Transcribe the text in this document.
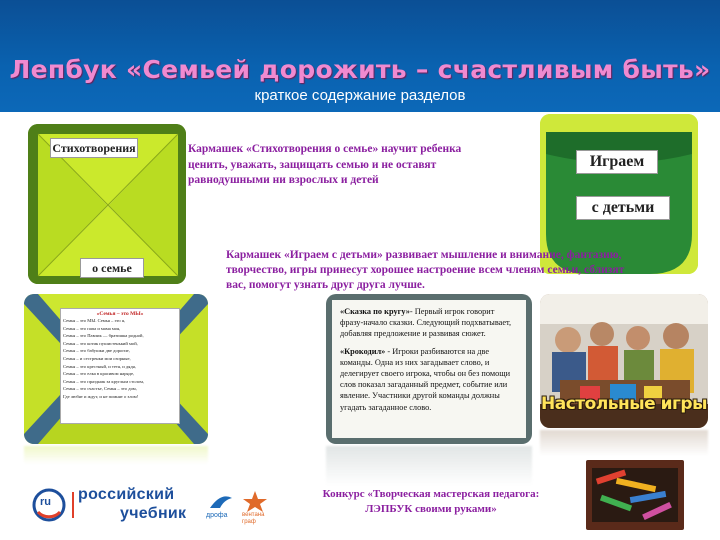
Лепбук «Семьей дорожить – счастливым быть»
краткое содержание разделов
Стихотворения
о семье
Кармашек «Стихотворения о семье» научит ребенка ценить, уважать, защищать семью и не оставят равнодушными ни взрослых и детей
Играем
с детьми
Кармашек «Играем с детьми» развивает мышление и внимание, фантазию, творчество, игры принесут хорошее настроение всем членям семьи, сблизят вас, помогут узнать друг друга лучше.
«Семья – это МЫ»
Семья – это МЫ. Семья – это я,
Семья – это папа и мама моя,
Семья – это Павлик — братишка родной,
Семья – это котик пушистенький мой,
Семья – это бабушки две дорогие,
Семья – и сестренки мои озорные,
Семья – это крестный, и тетя, и дядя,
Семья – это елка в красивом наряде,
Семья – это праздник за круглым столом,
Семья – это счастье, Семья – это дом,
Где любят и ждут, и не помнят о злом!
«Сказка по кругу»- Первый игрок говорит фразу-начало сказки. Следующий подхватывает, добавляя предложение и развивая сюжет.
«Крокодил» - Игроки разбиваются на две команды. Одна из них загадывает слово, и делегирует своего игрока, чтобы он без помощи слов показал загаданный предмет, событие или явление. Участники другой команды должны угадать загаданное слово.	Настольные игры
ru российский
учебник	дрофа вентана граф
Конкурс «Творческая мастерская педагога:
ЛЭПБУК своими руками»
